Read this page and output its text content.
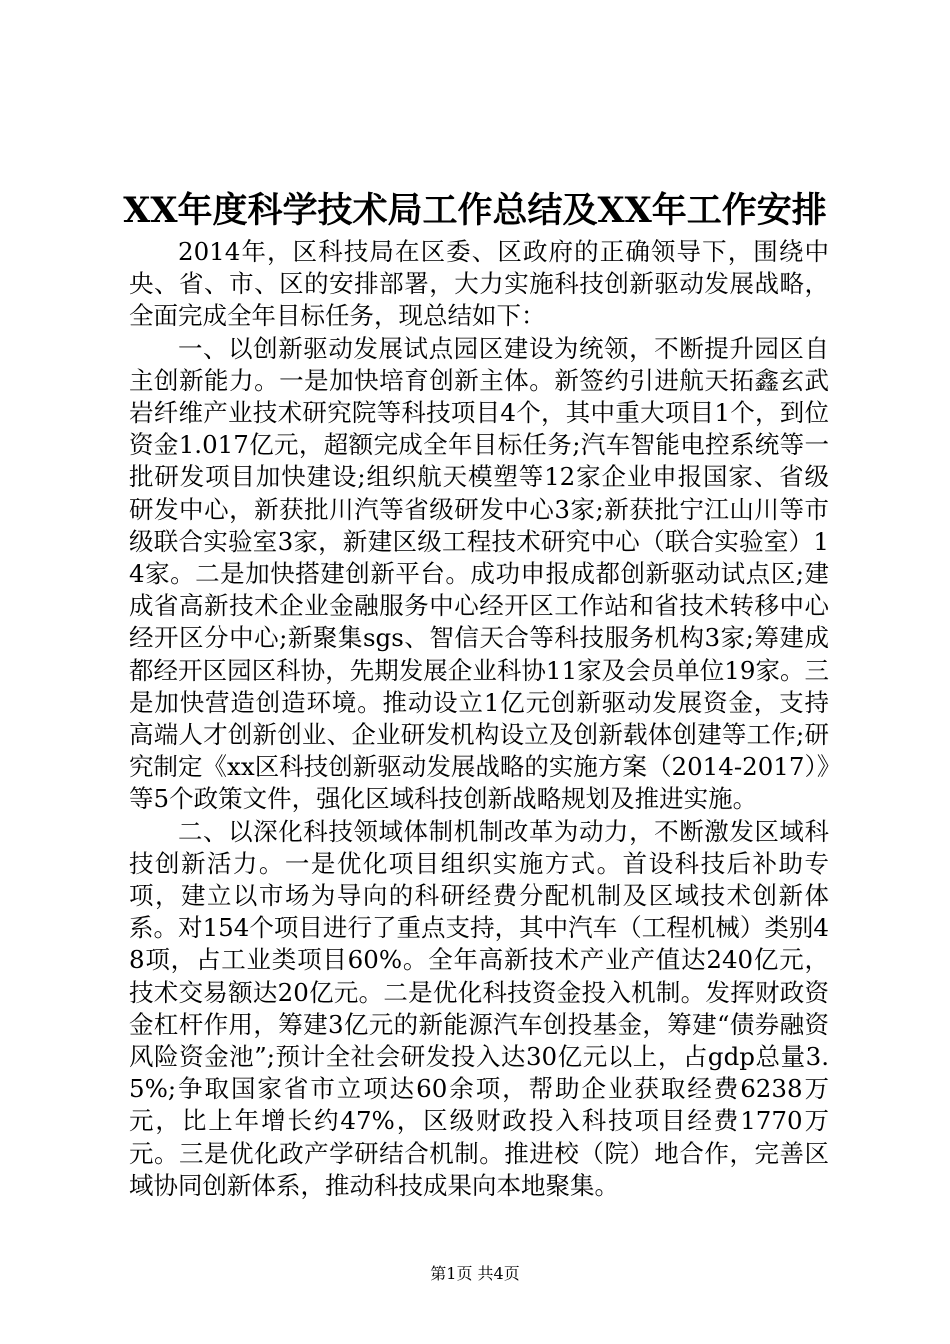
XX年度科学技术局工作总结及XX年工作安排

2014年，区科技局在区委、区政府的正确领导下，围绕中央、省、市、区的安排部署，大力实施科技创新驱动发展战略，全面完成全年目标任务，现总结如下：

一、以创新驱动发展试点园区建设为统领，不断提升园区自主创新能力。一是加快培育创新主体。新签约引进航天拓鑫玄武岩纤维产业技术研究院等科技项目4个，其中重大项目1个，到位资金1.017亿元，超额完成全年目标任务;汽车智能电控系统等一批研发项目加快建设;组织航天模塑等12家企业申报国家、省级研发中心，新获批川汽等省级研发中心3家;新获批宁江山川等市级联合实验室3家，新建区级工程技术研究中心（联合实验室）14家。二是加快搭建创新平台。成功申报成都创新驱动试点区;建成省高新技术企业金融服务中心经开区工作站和省技术转移中心经开区分中心;新聚集sgs、智信天合等科技服务机构3家;筹建成都经开区园区科协，先期发展企业科协11家及会员单位19家。三是加快营造创造环境。推动设立1亿元创新驱动发展资金，支持高端人才创新创业、企业研发机构设立及创新载体创建等工作;研究制定《xx区科技创新驱动发展战略的实施方案（2014-2017）》等5个政策文件，强化区域科技创新战略规划及推进实施。

二、以深化科技领域体制机制改革为动力，不断激发区域科技创新活力。一是优化项目组织实施方式。首设科技后补助专项，建立以市场为导向的科研经费分配机制及区域技术创新体系。对154个项目进行了重点支持，其中汽车（工程机械）类别48项，占工业类项目60%。全年高新技术产业产值达240亿元，技术交易额达20亿元。二是优化科技资金投入机制。发挥财政资金杠杆作用，筹建3亿元的新能源汽车创投基金，筹建“债券融资风险资金池”;预计全社会研发投入达30亿元以上，占gdp总量3.5%;争取国家省市立项达60余项，帮助企业获取经费6238万元，比上年增长约47%，区级财政投入科技项目经费1770万元。三是优化政产学研结合机制。推进校（院）地合作，完善区域协同创新体系，推动科技成果向本地聚集。

第1页 共4页
